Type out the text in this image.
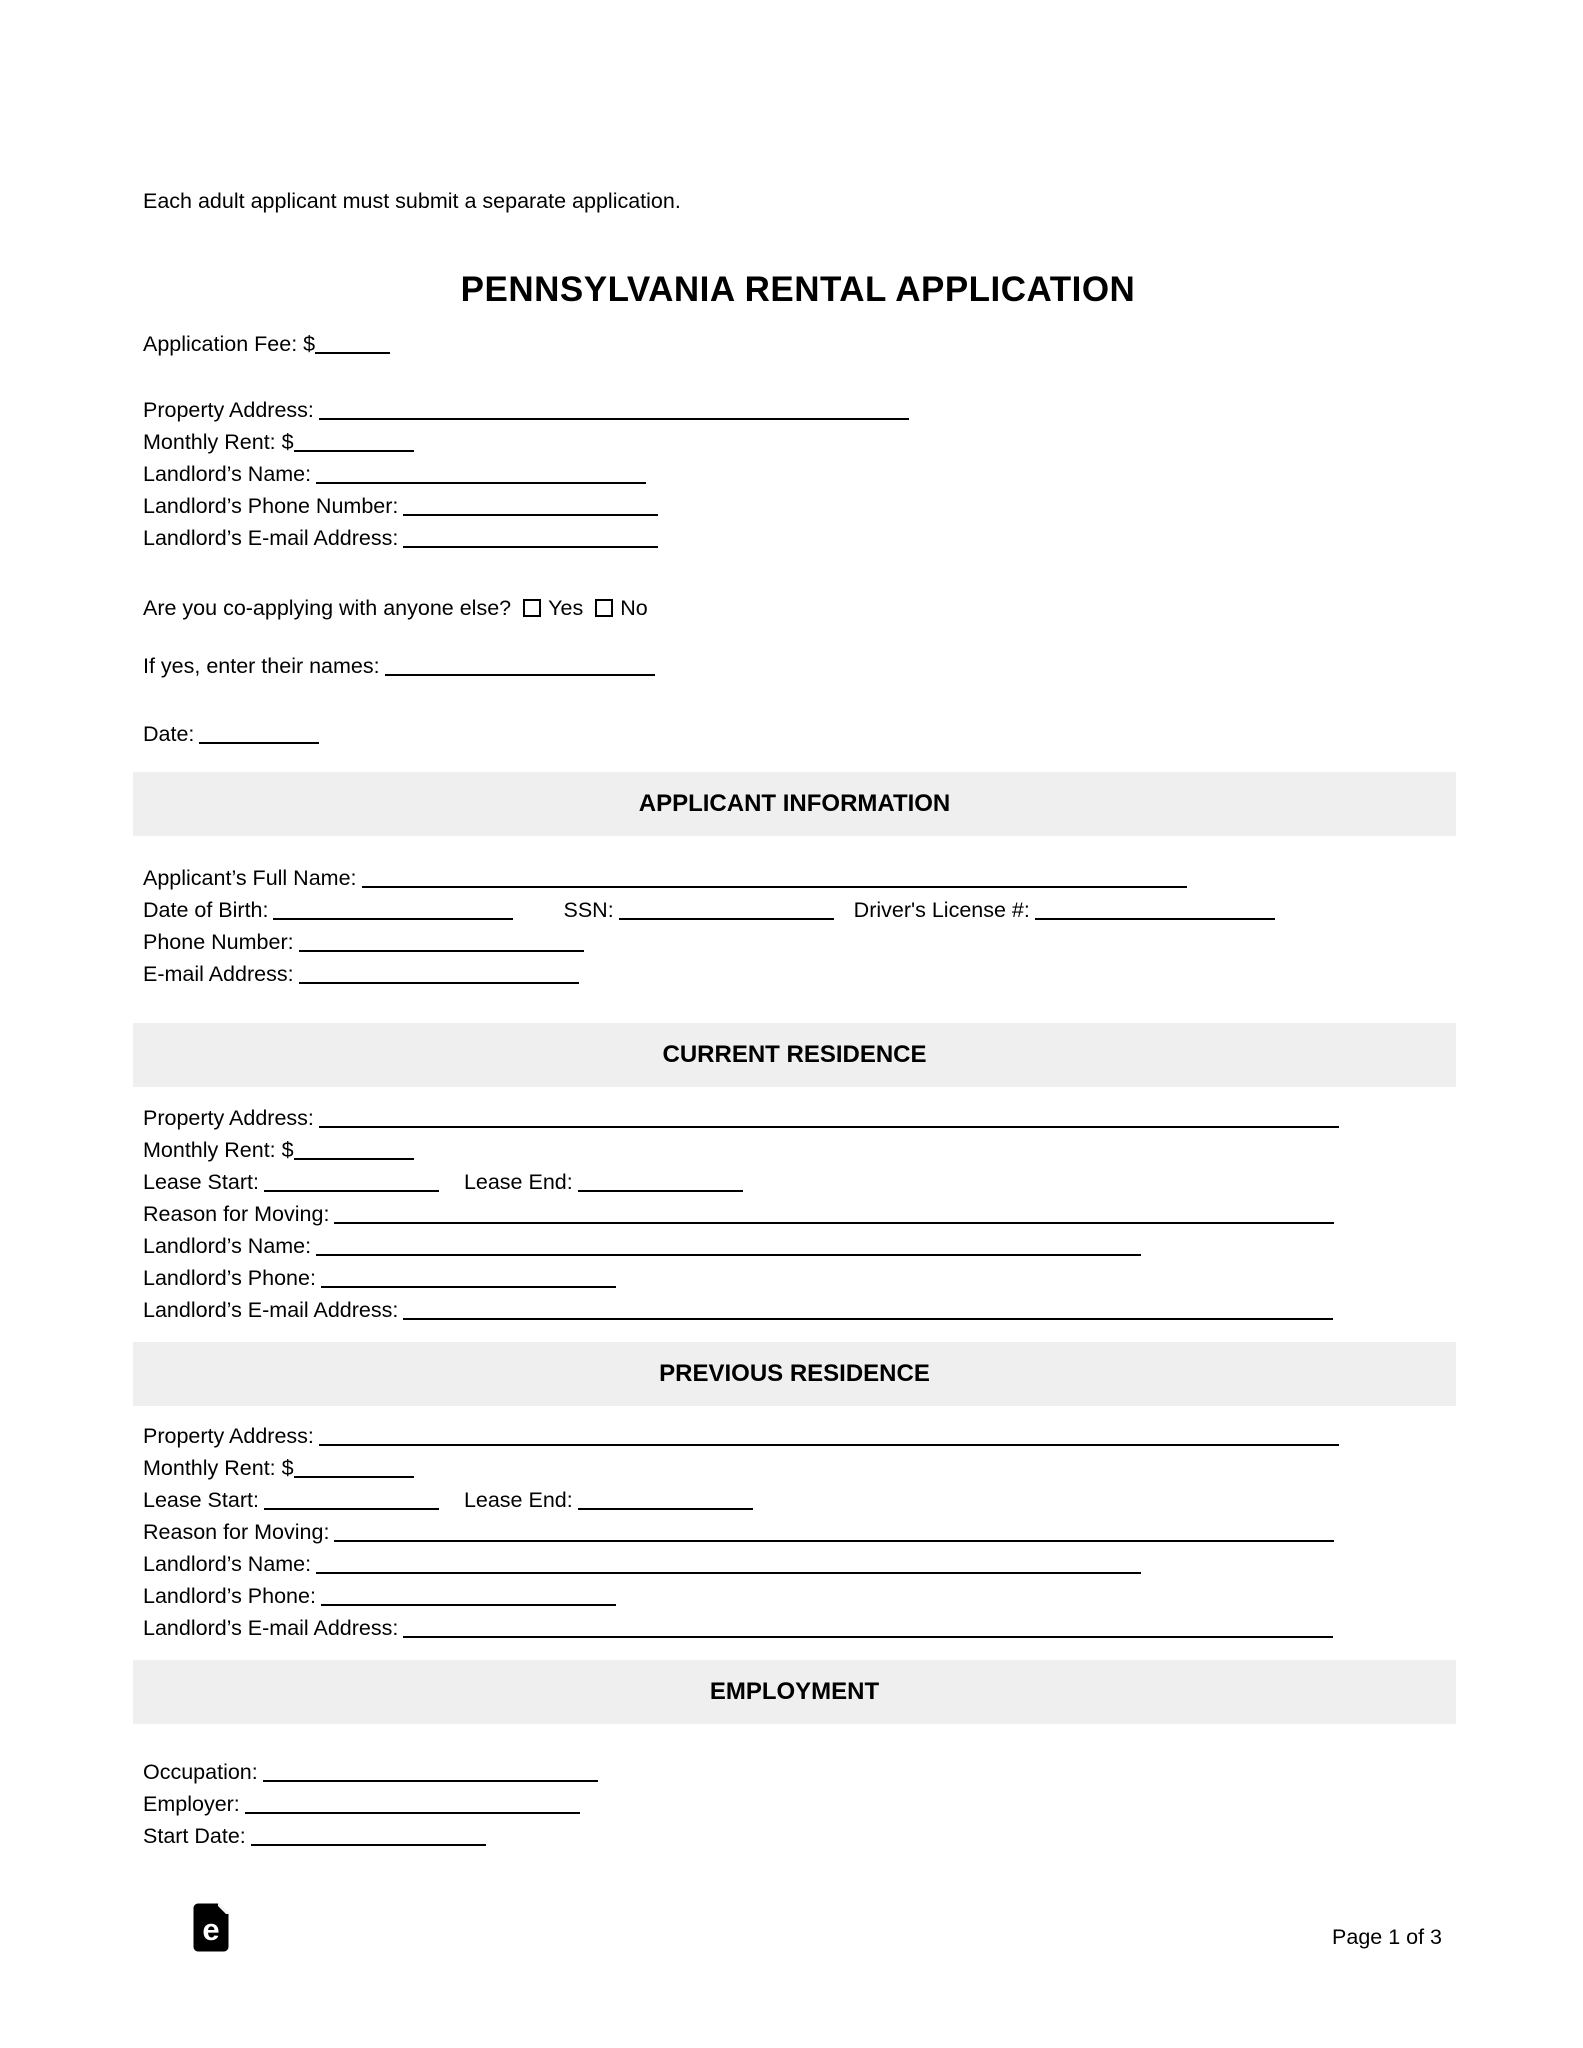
Each adult applicant must submit a separate application.
PENNSYLVANIA RENTAL APPLICATION
Application Fee: $
Property Address:
Monthly Rent: $
Landlord’s Name:
Landlord’s Phone Number:
Landlord’s E-mail Address:
Are you co-applying with anyone else? Yes No
If yes, enter their names:
Date:
APPLICANT INFORMATION
Applicant’s Full Name:
Date of Birth:	SSN:	Driver's License #:
Phone Number:
E-mail Address:
CURRENT RESIDENCE
Property Address:
Monthly Rent: $
Lease Start:	Lease End:
Reason for Moving:
Landlord’s Name:
Landlord’s Phone:
Landlord’s E-mail Address:
PREVIOUS RESIDENCE
Property Address:
Monthly Rent: $
Lease Start:	Lease End:
Reason for Moving:
Landlord’s Name:
Landlord’s Phone:
Landlord’s E-mail Address:
EMPLOYMENT
Occupation:
Employer:
Start Date:
e	Page 1 of 3
